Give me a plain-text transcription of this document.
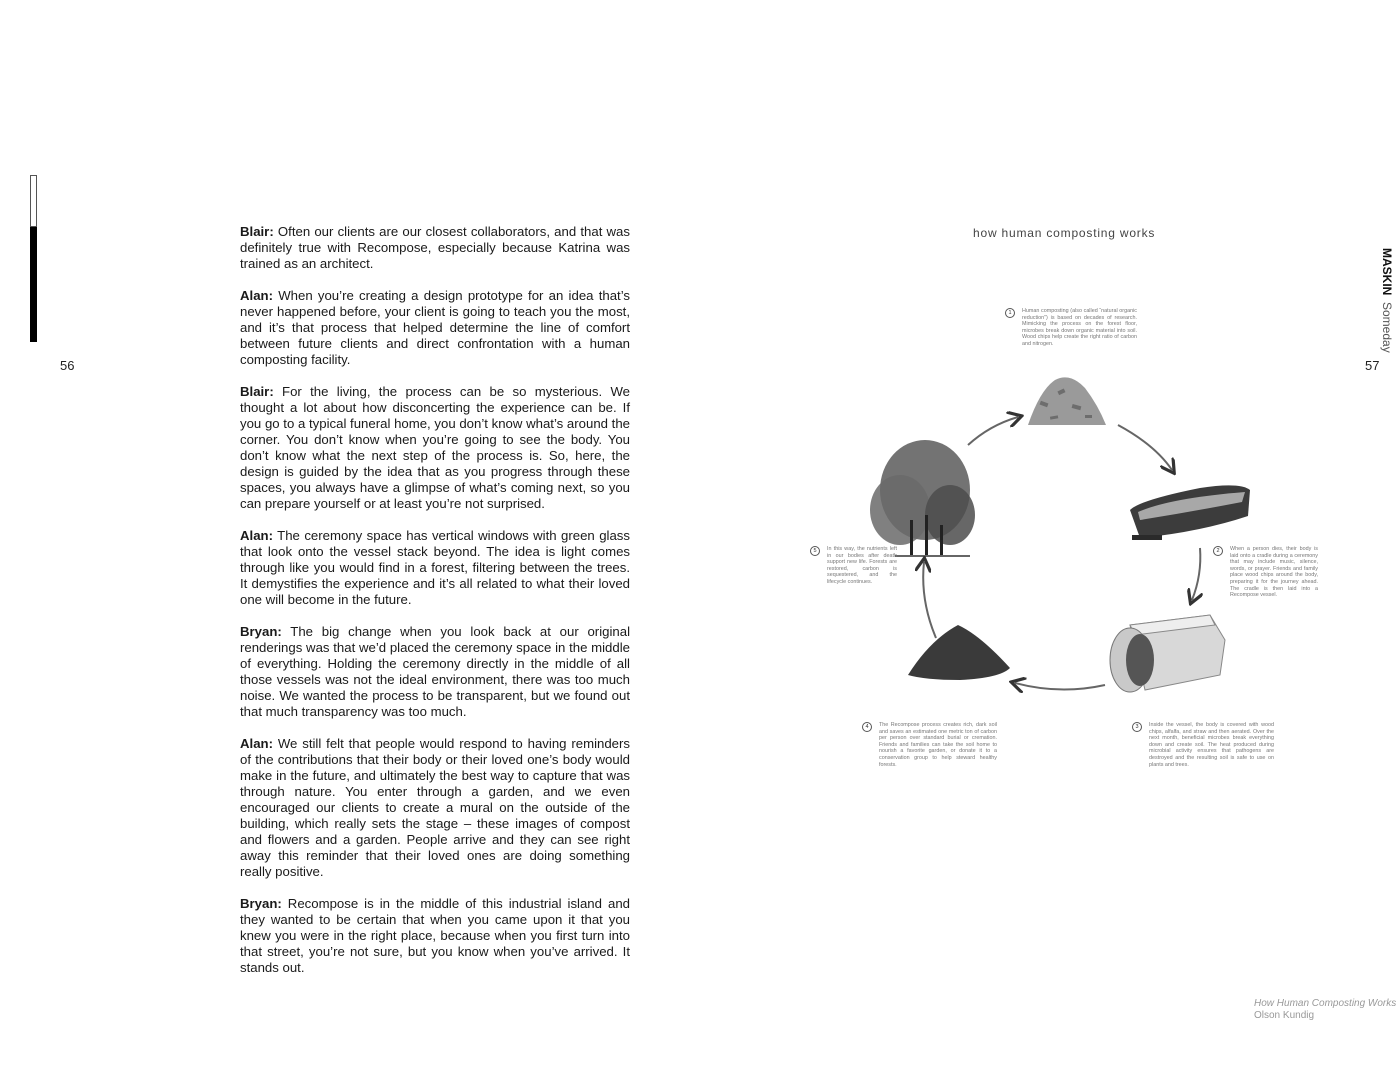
56	57
MASKIN Someday

Blair: Often our clients are our closest collaborators, and that was definitely true with Recompose, especially because Katrina was trained as an architect.

Alan: When you’re creating a design prototype for an idea that’s never happened before, your client is going to teach you the most, and it’s that process that helped determine the line of comfort between future clients and direct confrontation with a human composting facility.

Blair: For the living, the process can be so mysterious. We thought a lot about how disconcerting the experience can be. If you go to a typical funeral home, you don’t know what’s around the corner. You don’t know when you’re going to see the body. You don’t know what the next step of the process is. So, here, the design is guided by the idea that as you progress through these spaces, you always have a glimpse of what’s coming next, so you can prepare yourself or at least you’re not surprised.

Alan: The ceremony space has vertical windows with green glass that look onto the vessel stack beyond. The idea is light comes through like you would find in a forest, filtering between the trees. It demystifies the experience and it’s all related to what their loved one will become in the future.

Bryan: The big change when you look back at our original renderings was that we’d placed the ceremony space in the middle of everything. Holding the ceremony directly in the middle of all those vessels was not the ideal environment, there was too much noise. We wanted the process to be transparent, but we found out that much transparency was too much.

Alan: We still felt that people would respond to having reminders of the contributions that their body or their loved one’s body would make in the future, and ultimately the best way to capture that was through nature. You enter through a garden, and we even encouraged our clients to create a mural on the outside of the building, which really sets the stage – these images of compost and flowers and a garden. People arrive and they can see right away this reminder that their loved ones are doing something really positive.

Bryan: Recompose is in the middle of this industrial island and they wanted to be certain that when you came upon it that you knew you were in the right place, because when you first turn into that street, you’re not sure, but you know when you’ve arrived. It stands out.

how human composting works
1	Human composting (also called “natural organic reduction”) is based on decades of research. Mimicking the process on the forest floor, microbes break down organic material into soil. Wood chips help create the right ratio of carbon and nitrogen.
2	When a person dies, their body is laid onto a cradle during a ceremony that may include music, silence, words, or prayer. Friends and family place wood chips around the body, preparing it for the journey ahead. The cradle is then laid into a Recompose vessel.
3	Inside the vessel, the body is covered with wood chips, alfalfa, and straw and then aerated. Over the next month, beneficial microbes break everything down and create soil. The heat produced during microbial activity ensures that pathogens are destroyed and the resulting soil is safe to use on plants and trees.
4	The Recompose process creates rich, dark soil and saves an estimated one metric ton of carbon per person over standard burial or cremation. Friends and families can take the soil home to nourish a favorite garden, or donate it to a conservation group to help steward healthy forests.
5	In this way, the nutrients left in our bodies after death support new life. Forests are restored, carbon is sequestered, and the lifecycle continues.
How Human Composting Works
Olson Kundig
